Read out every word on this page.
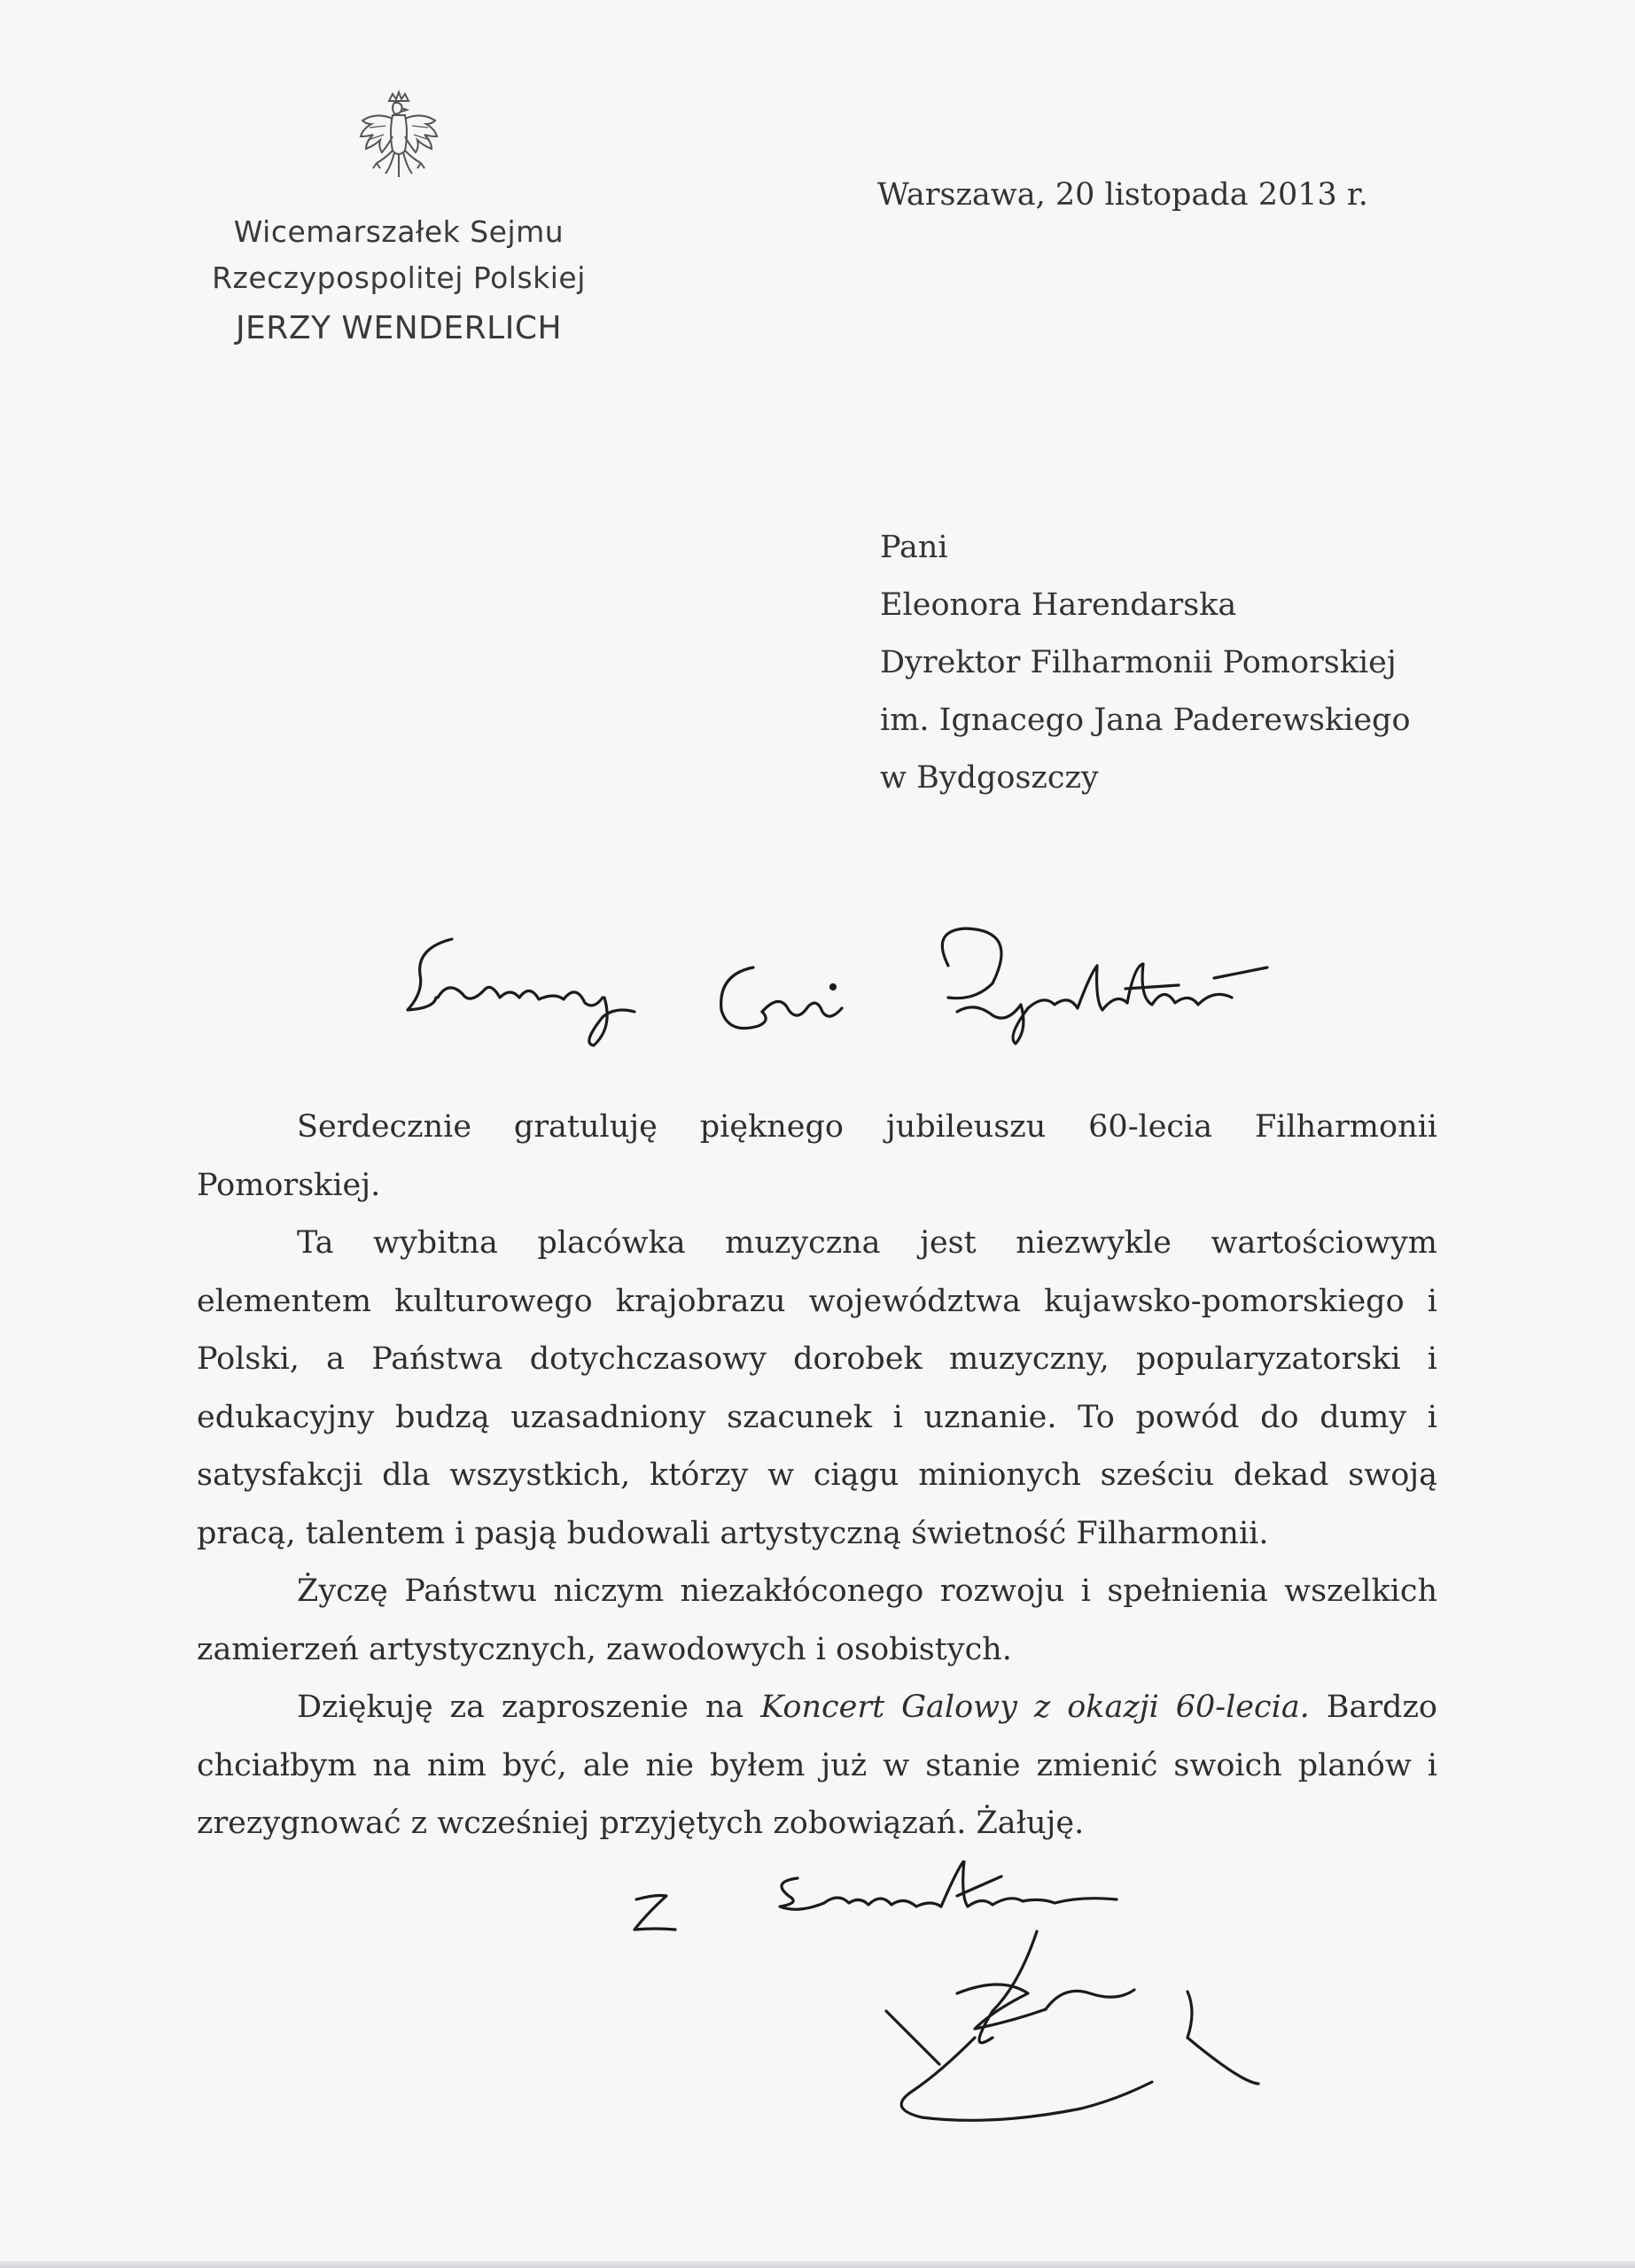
Wicemarszałek Sejmu
Rzeczypospolitej Polskiej
JERZY WENDERLICH
Warszawa, 20 listopada 2013 r.
Pani
Eleonora Harendarska
Dyrektor Filharmonii Pomorskiej
im. Ignacego Jana Paderewskiego
w Bydgoszczy

Serdecznie gratuluję pięknego jubileuszu 60-lecia Filharmonii Pomorskiej.

Ta wybitna placówka muzyczna jest niezwykle wartościowym elementem kulturowego krajobrazu województwa kujawsko-pomorskiego i Polski, a Państwa dotychczasowy dorobek muzyczny, popularyzatorski i edukacyjny budzą uzasadniony szacunek i uznanie. To powód do dumy i satysfakcji dla wszystkich, którzy w ciągu minionych sześciu dekad swoją pracą, talentem i pasją budowali artystyczną świetność Filharmonii.

Życzę Państwu niczym niezakłóconego rozwoju i spełnienia wszelkich zamierzeń artystycznych, zawodowych i osobistych.

Dziękuję za zaproszenie na Koncert Galowy z okazji 60-lecia. Bardzo chciałbym na nim być, ale nie byłem już w stanie zmienić swoich planów i zrezygnować z wcześniej przyjętych zobowiązań. Żałuję.
